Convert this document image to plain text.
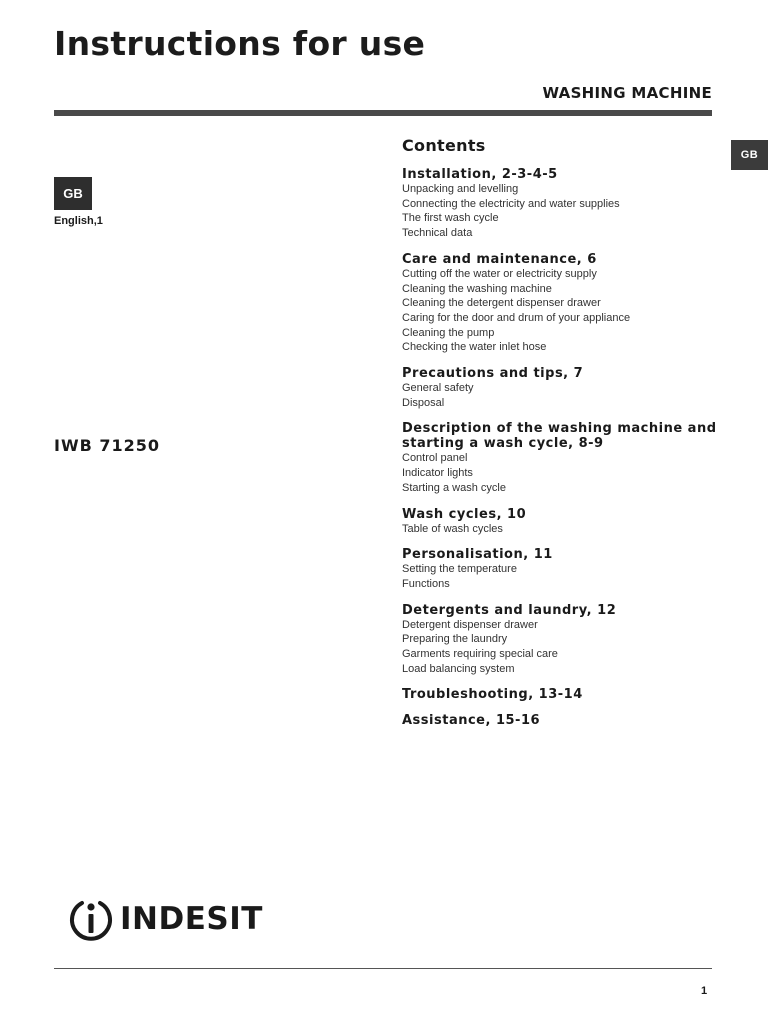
Instructions for use
WASHING MACHINE
GB
GB
English,1
IWB 71250
Contents
Installation, 2-3-4-5
Unpacking and levelling
Connecting the electricity and water supplies
The first wash cycle
Technical data
Care and maintenance, 6
Cutting off the water or electricity supply
Cleaning the washing machine
Cleaning the detergent dispenser drawer
Caring for the door and drum of your appliance
Cleaning the pump
Checking the water inlet hose
Precautions and tips, 7
General safety
Disposal
Description of the washing machine and starting a wash cycle, 8-9
Control panel
Indicator lights
Starting a wash cycle
Wash cycles, 10
Table of wash cycles
Personalisation, 11
Setting the temperature
Functions
Detergents and laundry, 12
Detergent dispenser drawer
Preparing the laundry
Garments requiring special care
Load balancing system
Troubleshooting, 13-14
Assistance, 15-16
INDESIT
1
